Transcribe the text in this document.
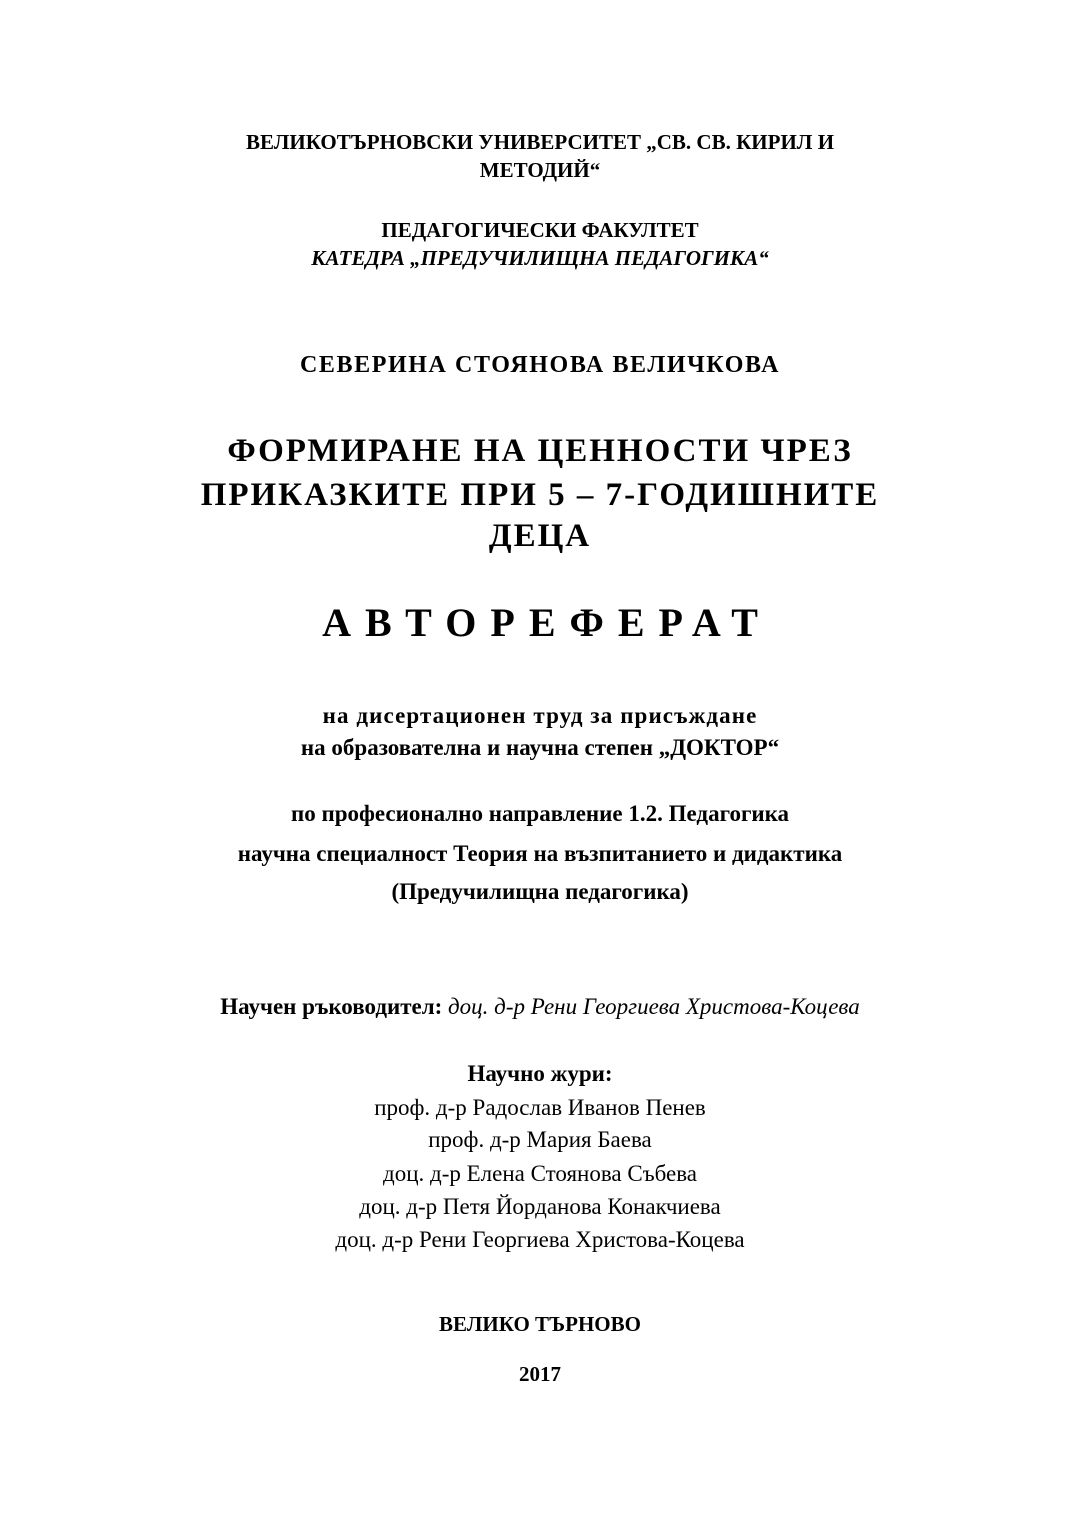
ВЕЛИКОТЪРНОВСКИ УНИВЕРСИТЕТ „СВ. СВ. КИРИЛ И
МЕТОДИЙ“
ПЕДАГОГИЧЕСКИ ФАКУЛТЕТ
КАТЕДРА „ПРЕДУЧИЛИЩНА ПЕДАГОГИКА“
СЕВЕРИНА СТОЯНОВА ВЕЛИЧКОВА
ФОРМИРАНЕ НА ЦЕННОСТИ ЧРЕЗ
ПРИКАЗКИТЕ ПРИ 5 – 7-ГОДИШНИТЕ
ДЕЦА
АВТОРЕФЕРАТ
на дисертационен труд за присъждане
на образователна и научна степен „ДОКТОР“
по професионално направление 1.2. Педагогика
научна специалност Теория на възпитанието и дидактика
(Предучилищна педагогика)
Научен ръководител: доц. д-р Рени Георгиева Христова-Коцева
Научно жури:
проф. д-р Радослав Иванов Пенев
проф. д-р Мария Баева
доц. д-р Елена Стоянова Събева
доц. д-р Петя Йорданова Конакчиева
доц. д-р Рени Георгиева Христова-Коцева
ВЕЛИКО ТЪРНОВО
2017
